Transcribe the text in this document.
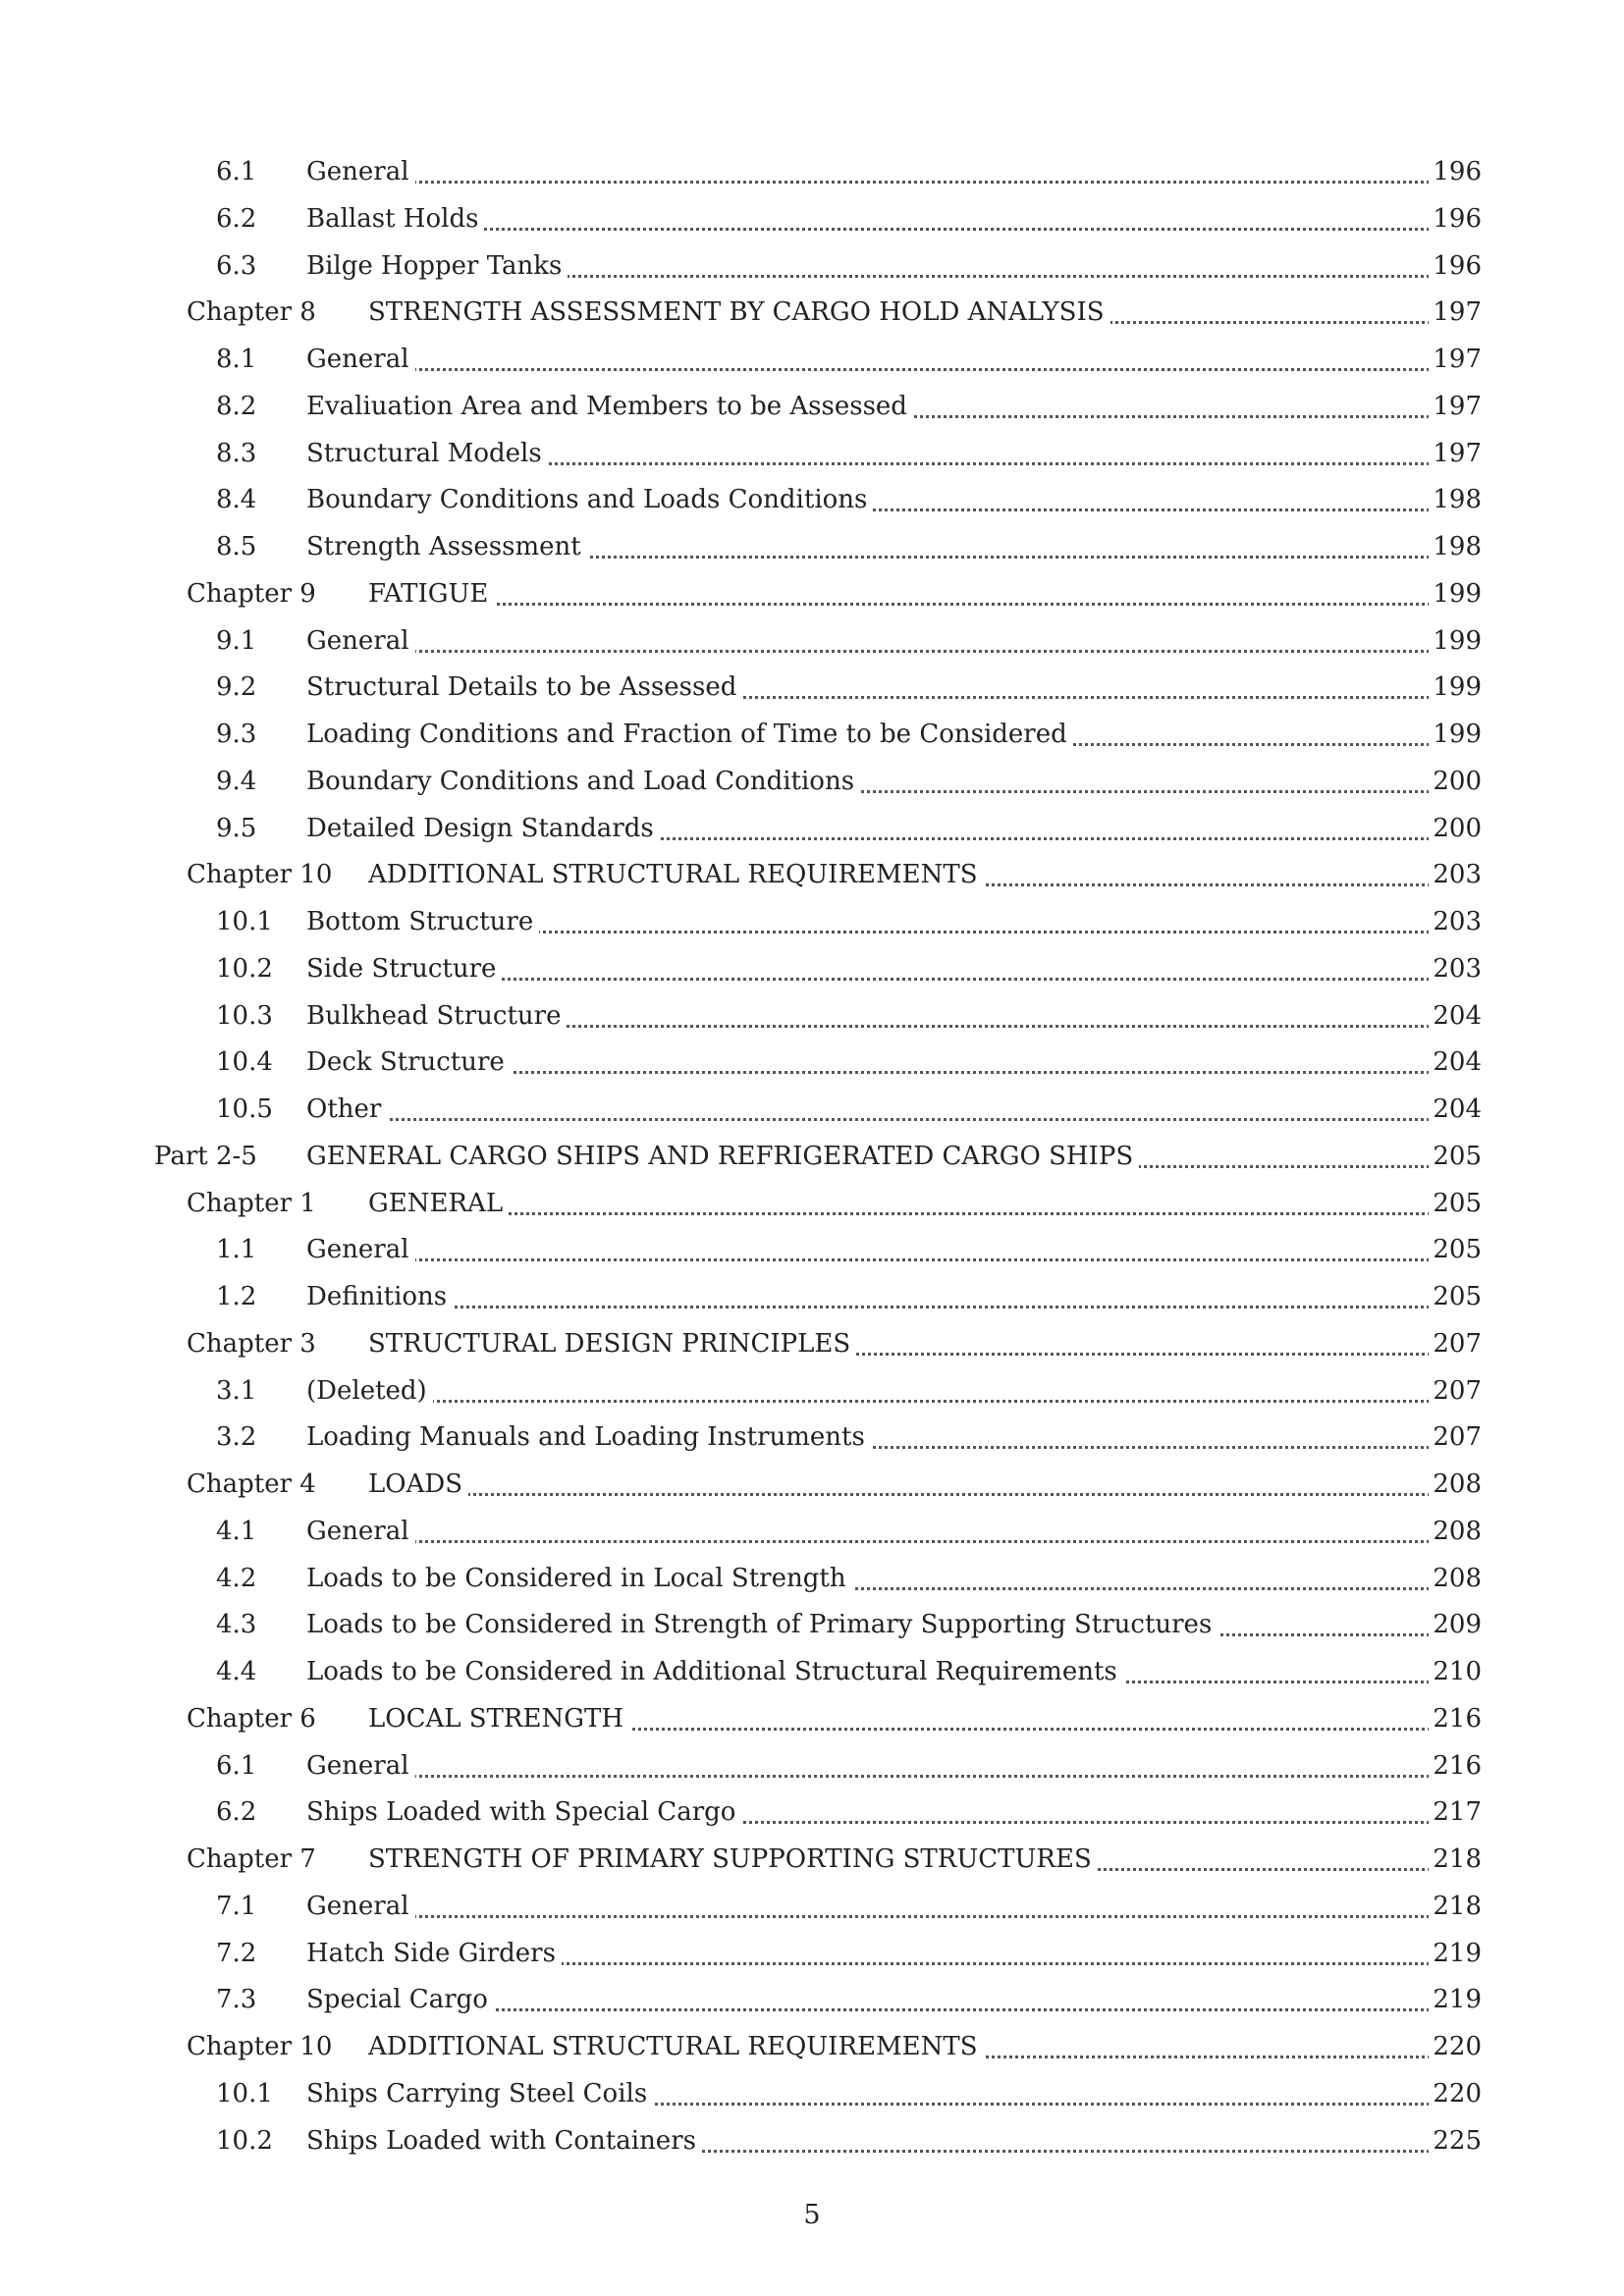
6.1 General	196
6.2 Ballast Holds	196
6.3 Bilge Hopper Tanks	196
Chapter 8 STRENGTH ASSESSMENT BY CARGO HOLD ANALYSIS	197
8.1 General	197
8.2 Evaliuation Area and Members to be Assessed	197
8.3 Structural Models	197
8.4 Boundary Conditions and Loads Conditions	198
8.5 Strength Assessment	198
Chapter 9 FATIGUE	199
9.1 General	199
9.2 Structural Details to be Assessed	199
9.3 Loading Conditions and Fraction of Time to be Considered	199
9.4 Boundary Conditions and Load Conditions	200
9.5 Detailed Design Standards	200
Chapter 10 ADDITIONAL STRUCTURAL REQUIREMENTS	203
10.1 Bottom Structure	203
10.2 Side Structure	203
10.3 Bulkhead Structure	204
10.4 Deck Structure	204
10.5 Other	204
Part 2-5 GENERAL CARGO SHIPS AND REFRIGERATED CARGO SHIPS	205
Chapter 1 GENERAL	205
1.1 General	205
1.2 Definitions	205
Chapter 3 STRUCTURAL DESIGN PRINCIPLES	207
3.1 (Deleted)	207
3.2 Loading Manuals and Loading Instruments	207
Chapter 4 LOADS	208
4.1 General	208
4.2 Loads to be Considered in Local Strength	208
4.3 Loads to be Considered in Strength of Primary Supporting Structures	209
4.4 Loads to be Considered in Additional Structural Requirements	210
Chapter 6 LOCAL STRENGTH	216
6.1 General	216
6.2 Ships Loaded with Special Cargo	217
Chapter 7 STRENGTH OF PRIMARY SUPPORTING STRUCTURES	218
7.1 General	218
7.2 Hatch Side Girders	219
7.3 Special Cargo	219
Chapter 10 ADDITIONAL STRUCTURAL REQUIREMENTS	220
10.1 Ships Carrying Steel Coils	220
10.2 Ships Loaded with Containers	225
5
